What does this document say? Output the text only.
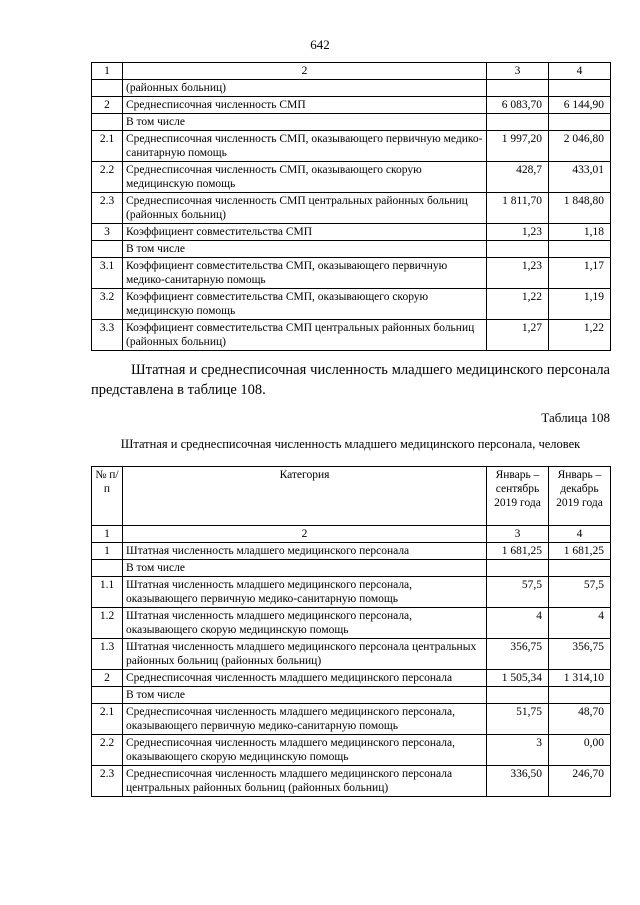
642
1	2	3	4
	(районных больниц)		
2	Среднесписочная численность СМП	6 083,70	6 144,90
	В том числе		
2.1	Среднесписочная численность СМП, оказывающего первичную медико-санитарную помощь	1 997,20	2 046,80
2.2	Среднесписочная численность СМП, оказывающего скорую медицинскую помощь	428,7	433,01
2.3	Среднесписочная численность СМП центральных районных больниц (районных больниц)	1 811,70	1 848,80
3	Коэффициент совместительства СМП	1,23	1,18
	В том числе		
3.1	Коэффициент совместительства СМП, оказывающего первичную медико-санитарную помощь	1,23	1,17
3.2	Коэффициент совместительства СМП, оказывающего скорую медицинскую помощь	1,22	1,19
3.3	Коэффициент совместительства СМП центральных районных больниц (районных больниц)	1,27	1,22
Штатная и среднесписочная численность младшего медицинского персонала представлена в таблице 108.
Таблица 108
Штатная и среднесписочная численность младшего медицинского персонала, человек
№ п/п	Категория	Январь – сентябрь 2019 года	Январь – декабрь 2019 года
1	2	3	4
1	Штатная численность младшего медицинского персонала	1 681,25	1 681,25
	В том числе		
1.1	Штатная численность младшего медицинского персонала, оказывающего первичную медико-санитарную помощь	57,5	57,5
1.2	Штатная численность младшего медицинского персонала, оказывающего скорую медицинскую помощь	4	4
1.3	Штатная численность младшего медицинского персонала центральных районных больниц (районных больниц)	356,75	356,75
2	Среднесписочная численность младшего медицинского персонала	1 505,34	1 314,10
	В том числе		
2.1	Среднесписочная численность младшего медицинского персонала, оказывающего первичную медико-санитарную помощь	51,75	48,70
2.2	Среднесписочная численность младшего медицинского персонала, оказывающего скорую медицинскую помощь	3	0,00
2.3	Среднесписочная численность младшего медицинского персонала центральных районных больниц (районных больниц)	336,50	246,70
